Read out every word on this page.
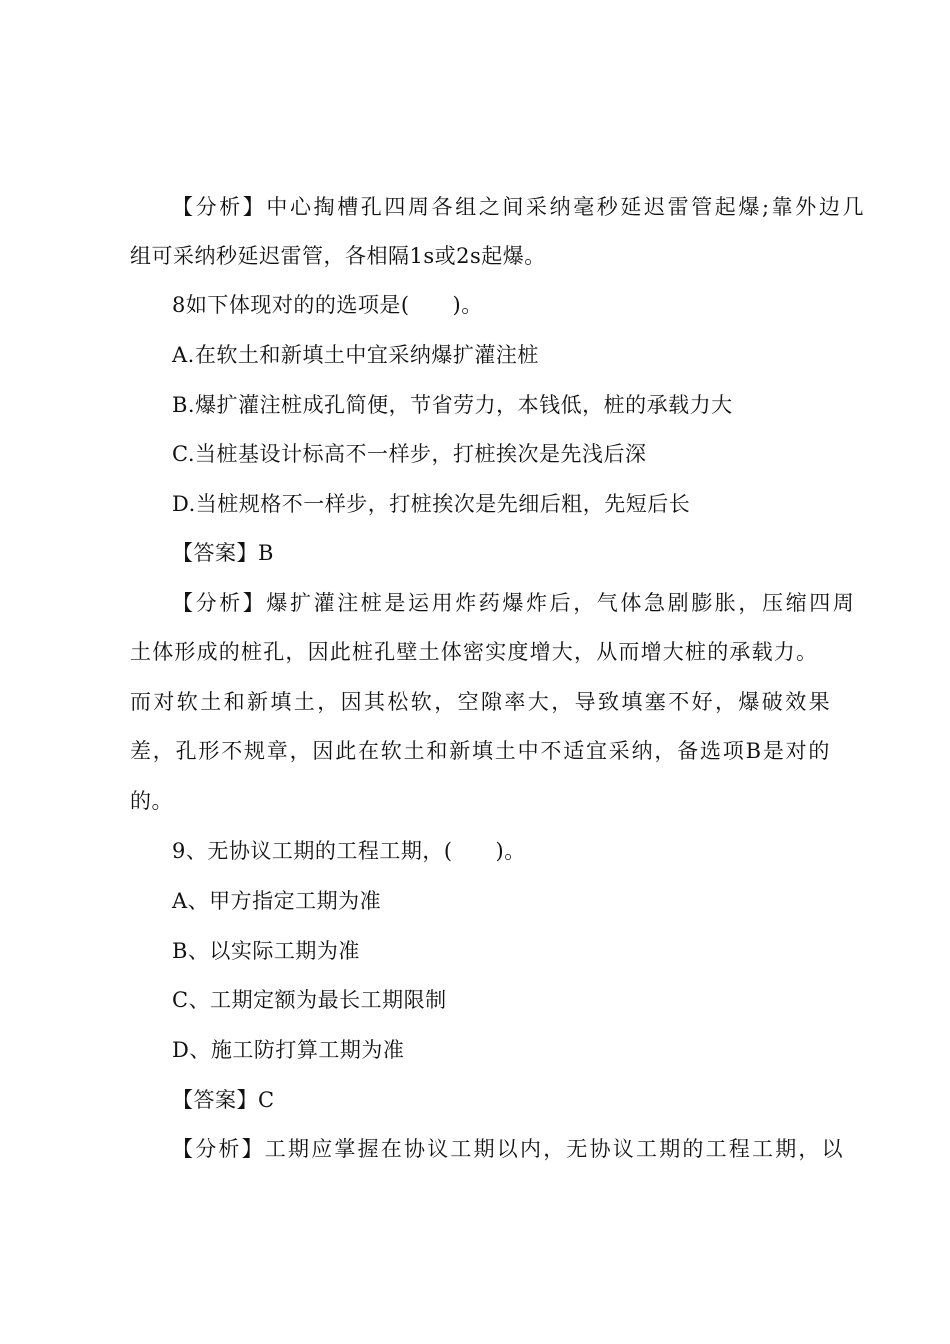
【分析】中心掏槽孔四周各组之间采纳毫秒延迟雷管起爆;靠外边几
组可采纳秒延迟雷管，各相隔1s或2s起爆。
8如下体现对的的选项是(　　)。
A.在软土和新填土中宜采纳爆扩灌注桩
B.爆扩灌注桩成孔简便，节省劳力，本钱低，桩的承载力大
C.当桩基设计标高不一样步，打桩挨次是先浅后深
D.当桩规格不一样步，打桩挨次是先细后粗，先短后长
【答案】B
【分析】爆扩灌注桩是运用炸药爆炸后，气体急剧膨胀，压缩四周
土体形成的桩孔，因此桩孔壁土体密实度增大，从而增大桩的承载力。
而对软土和新填土，因其松软，空隙率大，导致填塞不好，爆破效果
差，孔形不规章，因此在软土和新填土中不适宜采纳，备选项B是对的
的。
9、无协议工期的工程工期，(　　)。
A、甲方指定工期为准
B、以实际工期为准
C、工期定额为最长工期限制
D、施工防打算工期为准
【答案】C
【分析】工期应掌握在协议工期以内，无协议工期的工程工期，以
